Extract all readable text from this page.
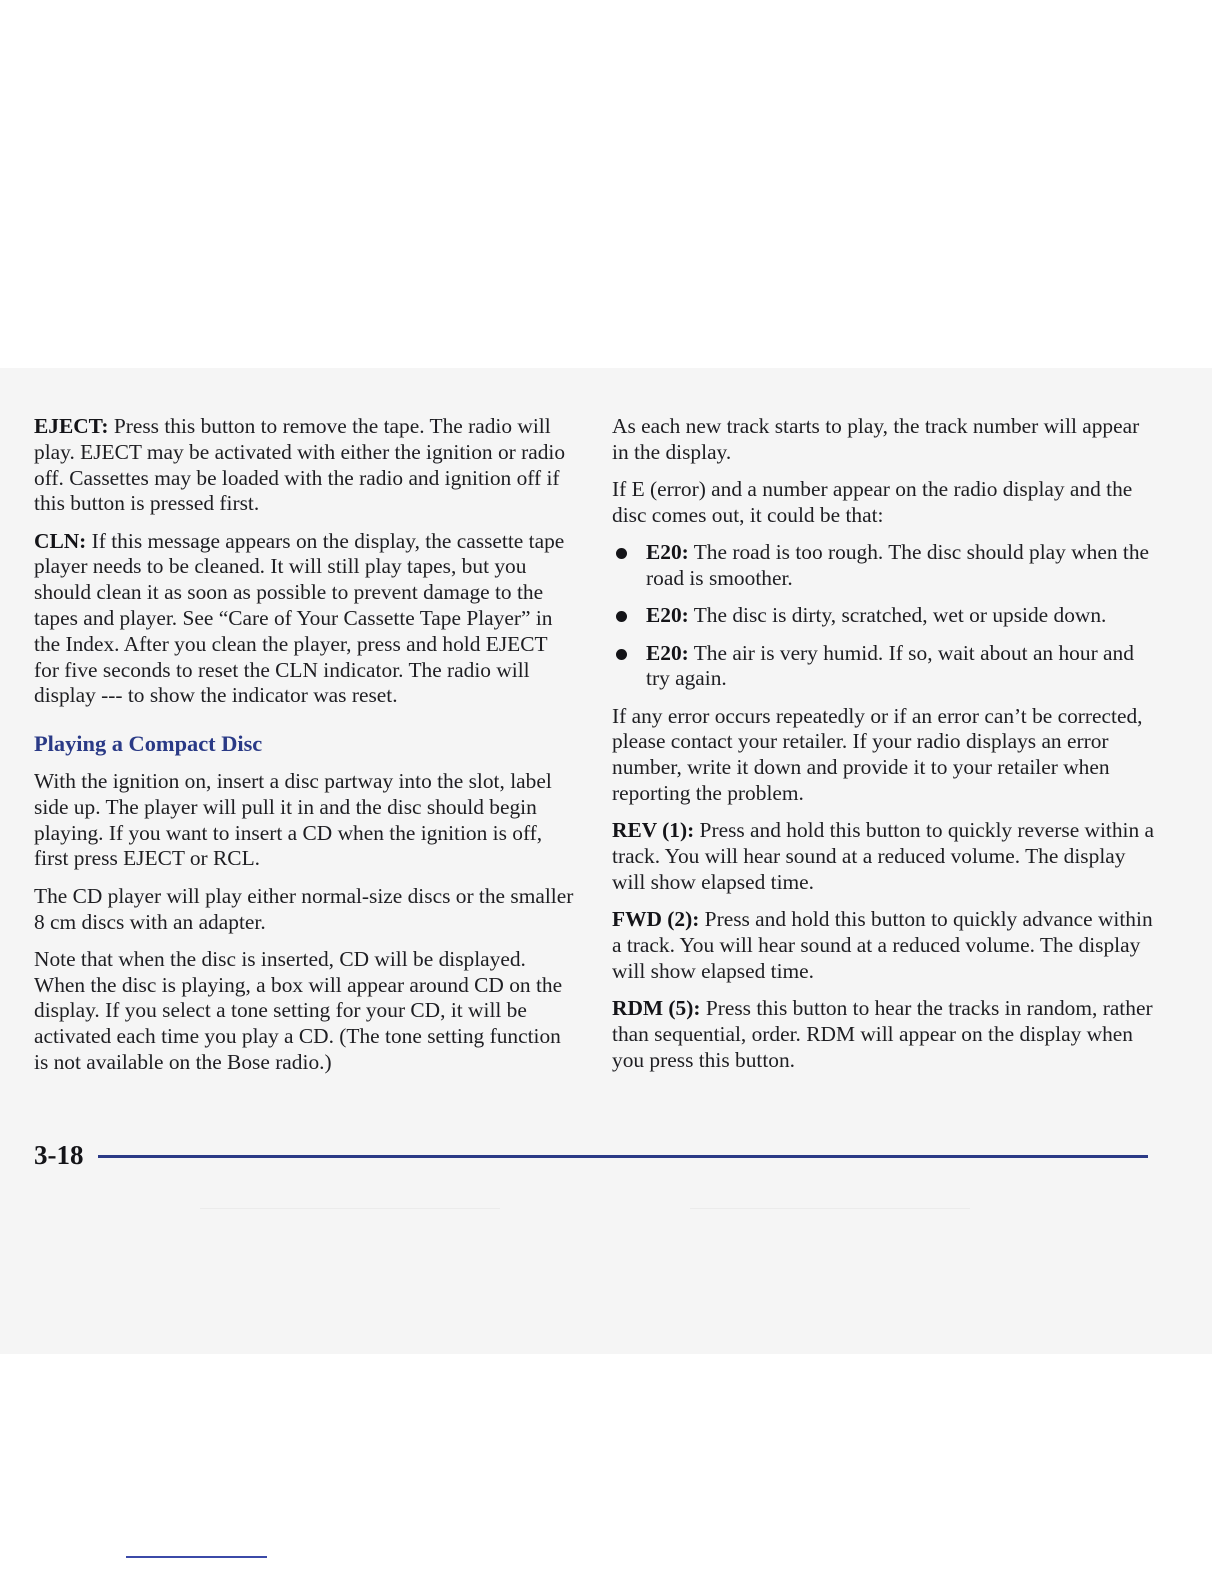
EJECT: Press this button to remove the tape. The radio will play. EJECT may be activated with either the ignition or radio off. Cassettes may be loaded with the radio and ignition off if this button is pressed first.

CLN: If this message appears on the display, the cassette tape player needs to be cleaned. It will still play tapes, but you should clean it as soon as possible to prevent damage to the tapes and player. See “Care of Your Cassette Tape Player” in the Index. After you clean the player, press and hold EJECT for five seconds to reset the CLN indicator. The radio will display --- to show the indicator was reset.

Playing a Compact Disc

With the ignition on, insert a disc partway into the slot, label side up. The player will pull it in and the disc should begin playing. If you want to insert a CD when the ignition is off, first press EJECT or RCL.

The CD player will play either normal-size discs or the smaller 8 cm discs with an adapter.

Note that when the disc is inserted, CD will be displayed. When the disc is playing, a box will appear around CD on the display. If you select a tone setting for your CD, it will be activated each time you play a CD. (The tone setting function is not available on the Bose radio.)

As each new track starts to play, the track number will appear in the display.

If E (error) and a number appear on the radio display and the disc comes out, it could be that:

E20: The road is too rough. The disc should play when the road is smoother.
E20: The disc is dirty, scratched, wet or upside down.
E20: The air is very humid. If so, wait about an hour and try again.

If any error occurs repeatedly or if an error can’t be corrected, please contact your retailer. If your radio displays an error number, write it down and provide it to your retailer when reporting the problem.

REV (1): Press and hold this button to quickly reverse within a track. You will hear sound at a reduced volume. The display will show elapsed time.

FWD (2): Press and hold this button to quickly advance within a track. You will hear sound at a reduced volume. The display will show elapsed time.

RDM (5): Press this button to hear the tracks in random, rather than sequential, order. RDM will appear on the display when you press this button.

3-18
